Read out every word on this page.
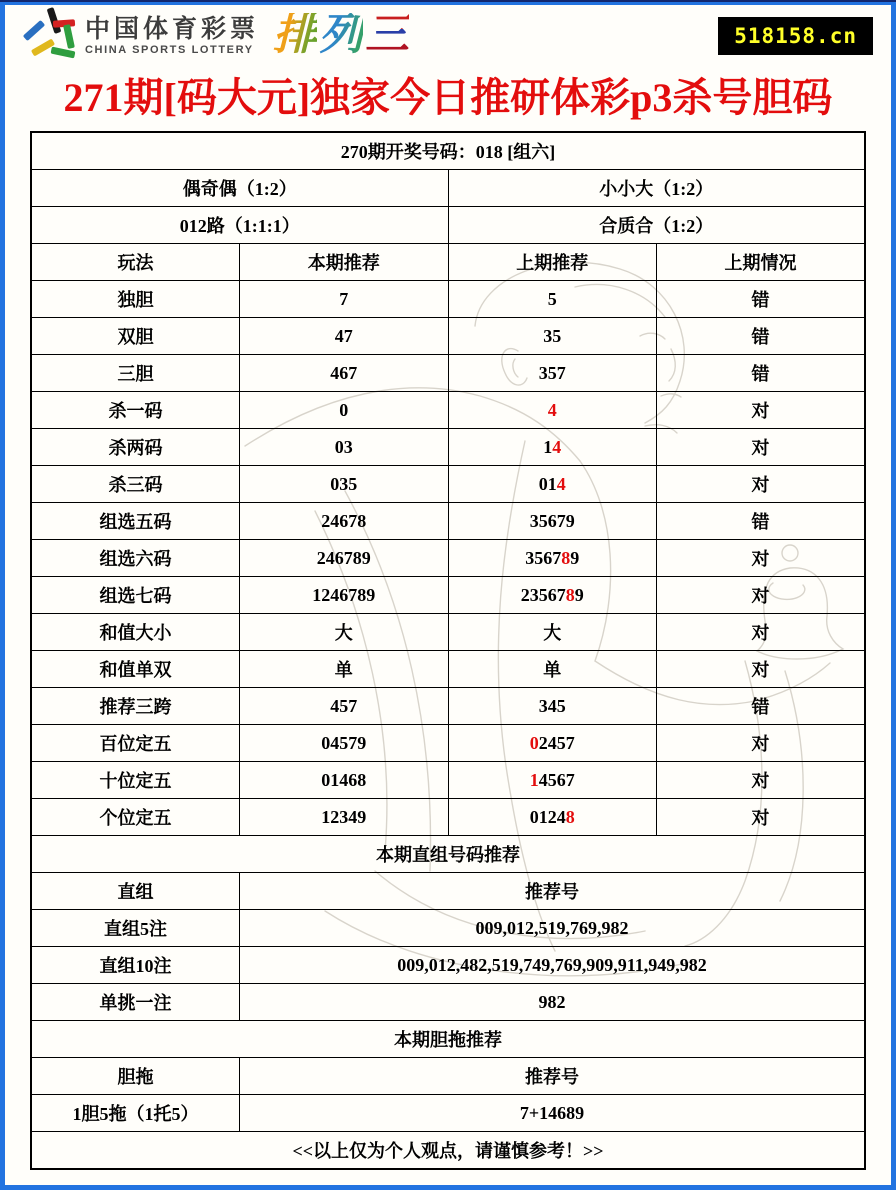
中国体育彩票
CHINA SPORTS LOTTERY 排 列 三	518158.cn
271期[码大元]独家今日推研体彩p3杀号胆码
270期开奖号码：018 [组六]			
偶奇偶（1:2）		小小大（1:2）	
012路（1:1:1）		合质合（1:2）	
玩法	本期推荐	上期推荐	上期情况
独胆	7	5	错
双胆	47	35	错
三胆	467	357	错
杀一码	0	4	对
杀两码	03	14	对
杀三码	035	014	对
组选五码	24678	35679	错
组选六码	246789	356789	对
组选七码	1246789	2356789	对
和值大小	大	大	对
和值单双	单	单	对
推荐三跨	457	345	错
百位定五	04579	02457	对
十位定五	01468	14567	对
个位定五	12349	01248	对
本期直组号码推荐			
直组	推荐号		
直组5注	009,012,519,769,982		
直组10注	009,012,482,519,749,769,909,911,949,982		
单挑一注	982		
本期胆拖推荐			
胆拖	推荐号		
1胆5拖（1托5）	7+14689		
<<以上仅为个人观点，请谨慎参考！>>			
